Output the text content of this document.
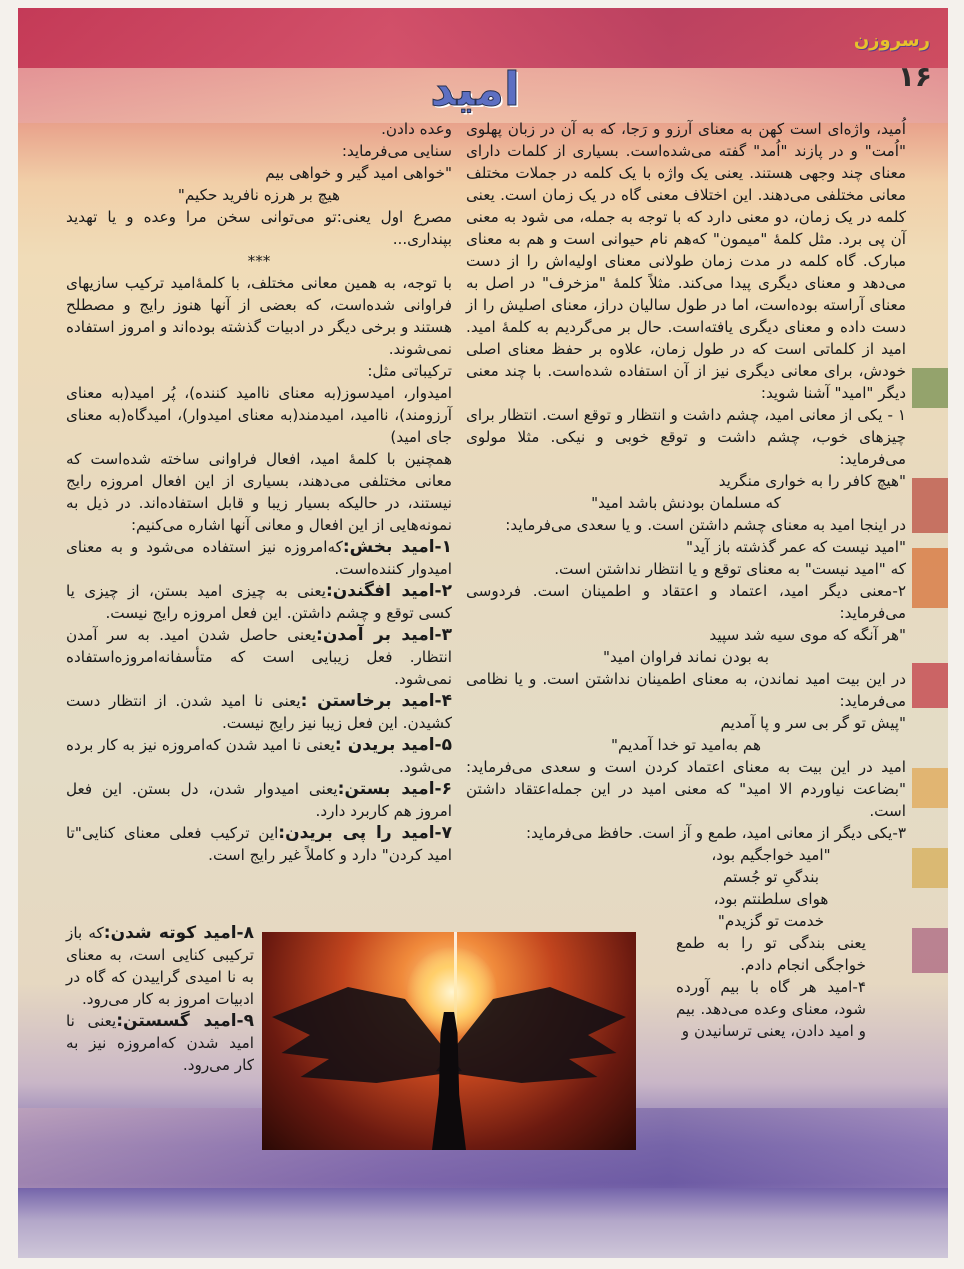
رسروزن
۱۶
امید

اُمید، واژه‌ای است کهن به معنای آرزو و رَجا، که به آن در زبان پهلوی "اُمت" و در پازند "اُمد" گفته می‌شده‌است. بسیاری از کلمات دارای معنای چند وجهی هستند. یعنی یک واژه با یک کلمه در جملات مختلف معانی مختلفی می‌دهند. این اختلاف معنی گاه در یک زمان است. یعنی کلمه در یک زمان، دو معنی دارد که با توجه به جمله، می شود به معنی آن پی برد. مثل کلمهٔ "میمون" که‌هم نام حیوانی است و هم به معنای مبارک. گاه کلمه در مدت زمان طولانی معنای اولیه‌اش را از دست می‌دهد و معنای دیگری پیدا می‌کند. مثلاً کلمهٔ "مزخرف" در اصل به معنای آراسته بوده‌است، اما در طول سالیان دراز، معنای اصلیش را از دست داده و معنای دیگری یافته‌است. حال بر می‌گردیم به کلمهٔ امید. امید از کلماتی است که در طول زمان، علاوه بر حفظ معنای اصلی خودش، برای معانی دیگری نیز از آن استفاده شده‌است. با چند معنی دیگر "امید" آشنا شوید:

۱ - یکی از معانی امید، چشم داشت و انتظار و توقع است. انتظار برای چیزهای خوب، چشم داشت و توقع خوبی و نیکی. مثلا مولوی می‌فرماید:

"هیچ کافر را به خواری منگرید

که مسلمان بودنش باشد امید"

در اینجا امید به معنای چشم داشتن است. و یا سعدی می‌فرماید:

"امید نیست که عمر گذشته باز آید"

که "امید نیست" به معنای توقع و یا انتظار نداشتن است.

۲-معنی دیگر امید، اعتماد و اعتقاد و اطمینان است. فردوسی می‌فرماید:

"هر آنگه که موی سیه شد سپید

به بودن نماند فراوان امید"

در این بیت امید نماندن، به معنای اطمینان نداشتن است. و یا نظامی می‌فرماید:

"پیش تو گر بی سر و پا آمدیم

هم به‌امید تو خدا آمدیم"

امید در این بیت به معنای اعتماد کردن است و سعدی می‌فرماید: "بضاعت نیاوردم الا امید" که معنی امید در این جمله‌اعتقاد داشتن است.

۳-یکی دیگر از معانی امید، طمع و آز است. حافظ می‌فرماید:

"امید خواجگیم بود،

بندگیِ تو جُستم

هوای سلطنتم بود،

خدمت تو گزیدم"

یعنی بندگی تو را به طمع خواجگی انجام دادم.

۴-امید هر گاه با بیم آورده شود، معنای وعده می‌دهد. بیم و امید دادن، یعنی ترسانیدن و

وعده دادن.

سنایی می‌فرماید:

"خواهی امید گیر و خواهی بیم

هیچ بر هرزه نافرید حکیم"

مصرع اول یعنی:تو می‌توانی سخن مرا وعده و یا تهدید بپنداری...

***

با توجه، به همین معانی مختلف، با کلمهٔ‌امید ترکیب سازیهای فراوانی شده‌است، که بعضی از آنها هنوز رایج و مصطلح هستند و برخی دیگر در ادبیات گذشته بوده‌اند و امروز استفاده نمی‌شوند.

ترکیباتی مثل:

امیدوار، امیدسوز(به معنای ناامید کننده)، پُر امید(به معنای آرزومند)، ناامید، امیدمند(به معنای امیدوار)، امیدگاه(به معنای جای امید)

همچنین با کلمهٔ امید، افعال فراوانی ساخته شده‌است که معانی مختلفی می‌دهند، بسیاری از این افعال امروزه رایج نیستند، در حالیکه بسیار زیبا و قابل استفاده‌اند. در ذیل به نمونه‌هایی از این افعال و معانی آنها اشاره می‌کنیم:

۱-امید بخش:که‌امروزه نیز استفاده می‌شود و به معنای امیدوار کننده‌است.

۲-امید افگندن:یعنی به چیزی امید بستن، از چیزی یا کسی توقع و چشم داشتن. این فعل امروزه رایج نیست.

۳-امید بر آمدن:یعنی حاصل شدن امید. به سر آمدن انتظار. فعل زیبایی است که متأسفانه‌امروزه‌استفاده نمی‌شود.

۴-امید برخاستن :یعنی نا امید شدن. از انتظار دست کشیدن. این فعل زیبا نیز رایج نیست.

۵-امید بریدن :یعنی نا امید شدن که‌امروزه نیز به کار برده می‌شود.

۶-امید بستن:یعنی امیدوار شدن، دل بستن. این فعل امروز هم کاربرد دارد.

۷-امید را پی بریدن:این ترکیب فعلی معنای کنایی"تا امید کردن" دارد و کاملاً غیر رایج است.

۸-امید کوته شدن:که باز ترکیبی کنایی است، به معنای به نا امیدی گراییدن که گاه در ادبیات امروز به کار می‌رود.

۹-امید گسستن:یعنی نا امید شدن که‌امروزه نیز به کار می‌رود.
